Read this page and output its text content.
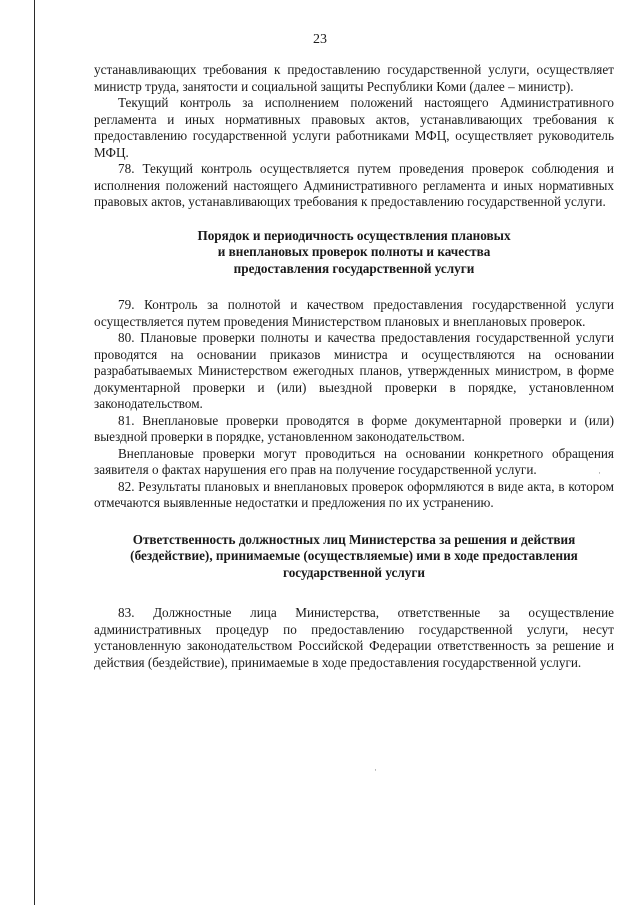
23

устанавливающих требования к предоставлению государственной услуги, осуществляет министр труда, занятости и социальной защиты Республики Коми (далее – министр).

Текущий контроль за исполнением положений настоящего Административного регламента и иных нормативных правовых актов, устанавливающих требования к предоставлению государственной услуги работниками МФЦ, осуществляет руководитель МФЦ.

78. Текущий контроль осуществляется путем проведения проверок соблюдения и исполнения положений настоящего Административного регламента и иных нормативных правовых актов, устанавливающих требования к предоставлению государственной услуги.

Порядок и периодичность осуществления плановых
и внеплановых проверок полноты и качества
предоставления государственной услуги

79. Контроль за полнотой и качеством предоставления государственной услуги осуществляется путем проведения Министерством плановых и внеплановых проверок.

80. Плановые проверки полноты и качества предоставления государственной услуги проводятся на основании приказов министра и осуществляются на основании разрабатываемых Министерством ежегодных планов, утвержденных министром, в форме документарной проверки и (или) выездной проверки в порядке, установленном законодательством.

81. Внеплановые проверки проводятся в форме документарной проверки и (или) выездной проверки в порядке, установленном законодательством.

Внеплановые проверки могут проводиться на основании конкретного обращения заявителя о фактах нарушения его прав на получение государственной услуги.

82. Результаты плановых и внеплановых проверок оформляются в виде акта, в котором отмечаются выявленные недостатки и предложения по их устранению.

Ответственность должностных лиц Министерства за решения и действия
(бездействие), принимаемые (осуществляемые) ими в ходе предоставления
государственной услуги

83. Должностные лица Министерства, ответственные за осуществление административных процедур по предоставлению государственной услуги, несут установленную законодательством Российской Федерации ответственность за решение и действия (бездействие), принимаемые в ходе предоставления государственной услуги.

·
·
